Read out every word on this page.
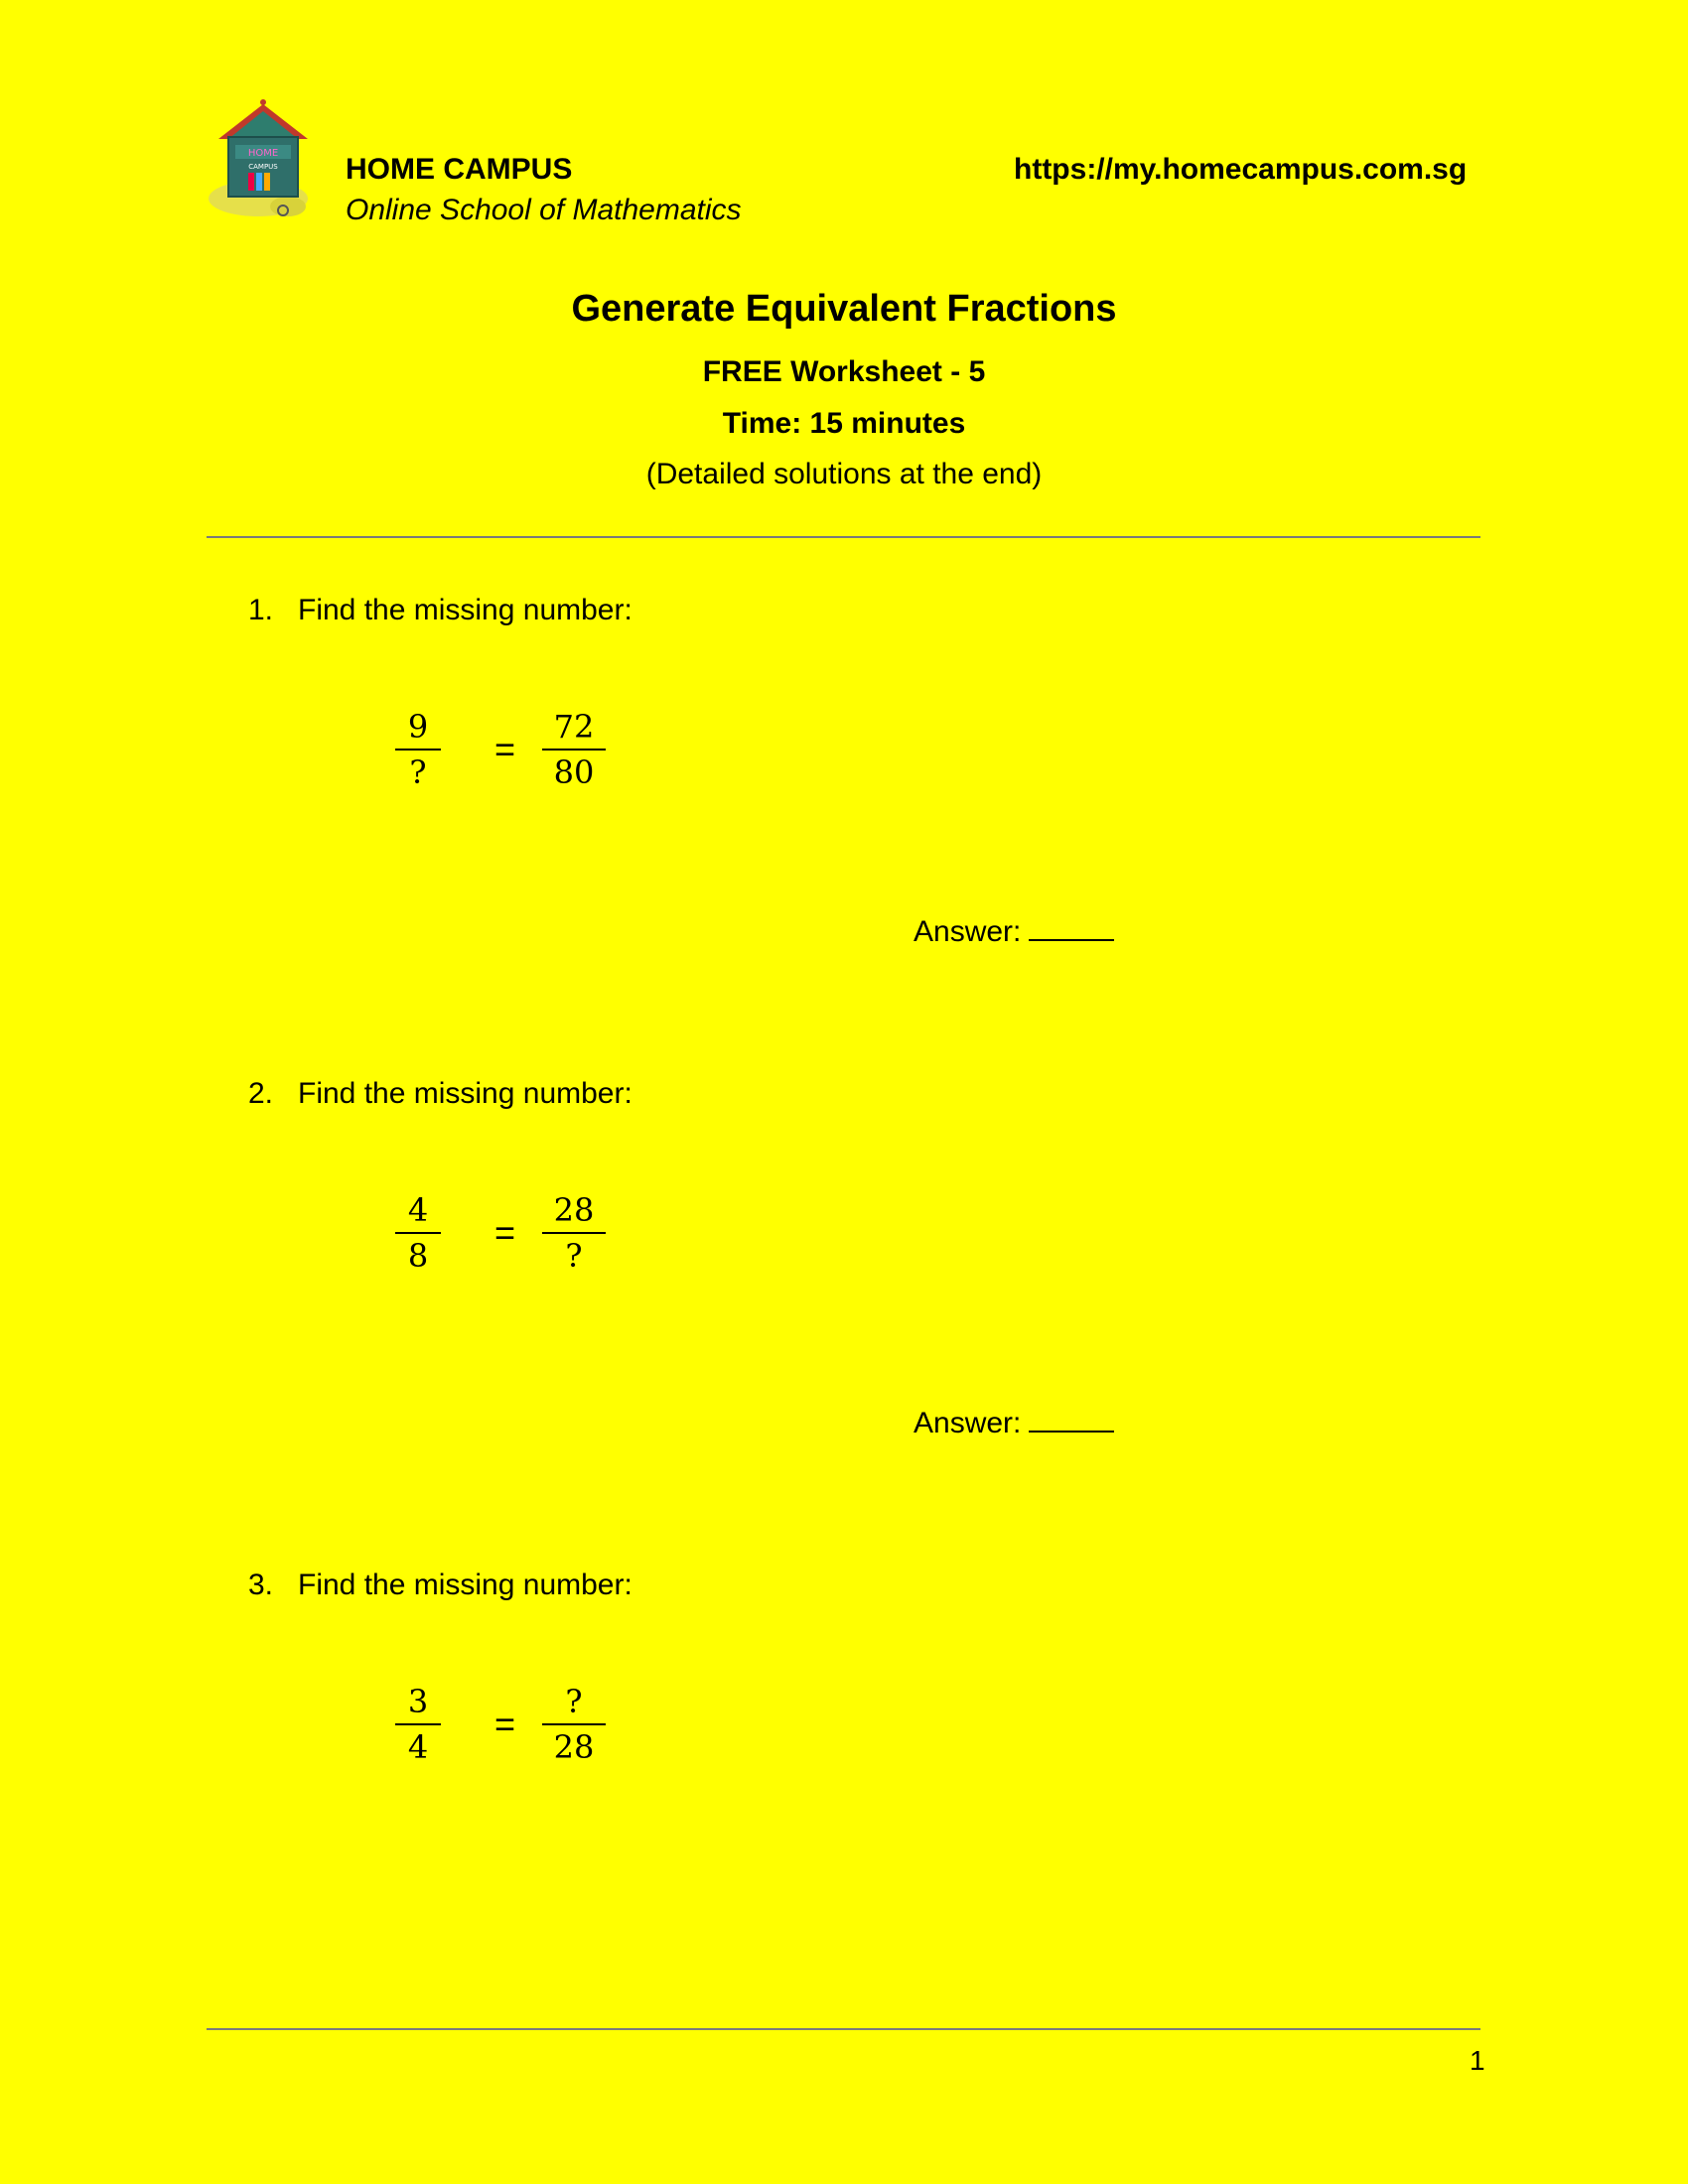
HOME
CAMPUS HOME CAMPUS
Online School of Mathematics
https://my.homecampus.com.sg
Generate Equivalent Fractions
FREE Worksheet - 5
Time: 15 minutes
(Detailed solutions at the end)
1. Find the missing number:
9
?
=
72
80
Answer:
2. Find the missing number:
4
8
=
28
?
Answer:
3. Find the missing number:
3
4
=
?
28
1
